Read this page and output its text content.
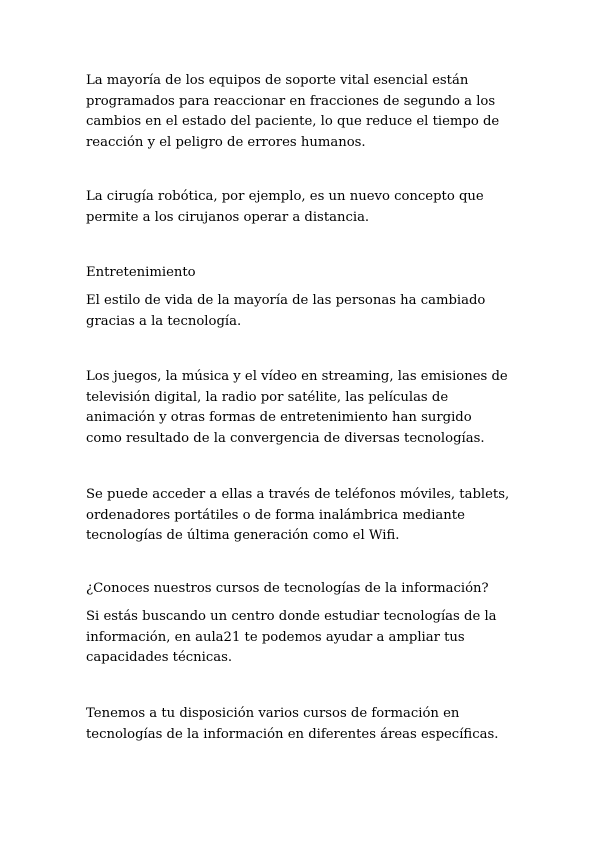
La mayoría de los equipos de soporte vital esencial están
programados para reaccionar en fracciones de segundo a los
cambios en el estado del paciente, lo que reduce el tiempo de
reacción y el peligro de errores humanos.

La cirugía robótica, por ejemplo, es un nuevo concepto que
permite a los cirujanos operar a distancia.

Entretenimiento

El estilo de vida de la mayoría de las personas ha cambiado
gracias a la tecnología.

Los juegos, la música y el vídeo en streaming, las emisiones de
televisión digital, la radio por satélite, las películas de
animación y otras formas de entretenimiento han surgido
como resultado de la convergencia de diversas tecnologías.

Se puede acceder a ellas a través de teléfonos móviles, tablets,
ordenadores portátiles o de forma inalámbrica mediante
tecnologías de última generación como el Wifi.

¿Conoces nuestros cursos de tecnologías de la información?

Si estás buscando un centro donde estudiar tecnologías de la
información, en aula21 te podemos ayudar a ampliar tus
capacidades técnicas.

Tenemos a tu disposición varios cursos de formación en
tecnologías de la información en diferentes áreas específicas.
